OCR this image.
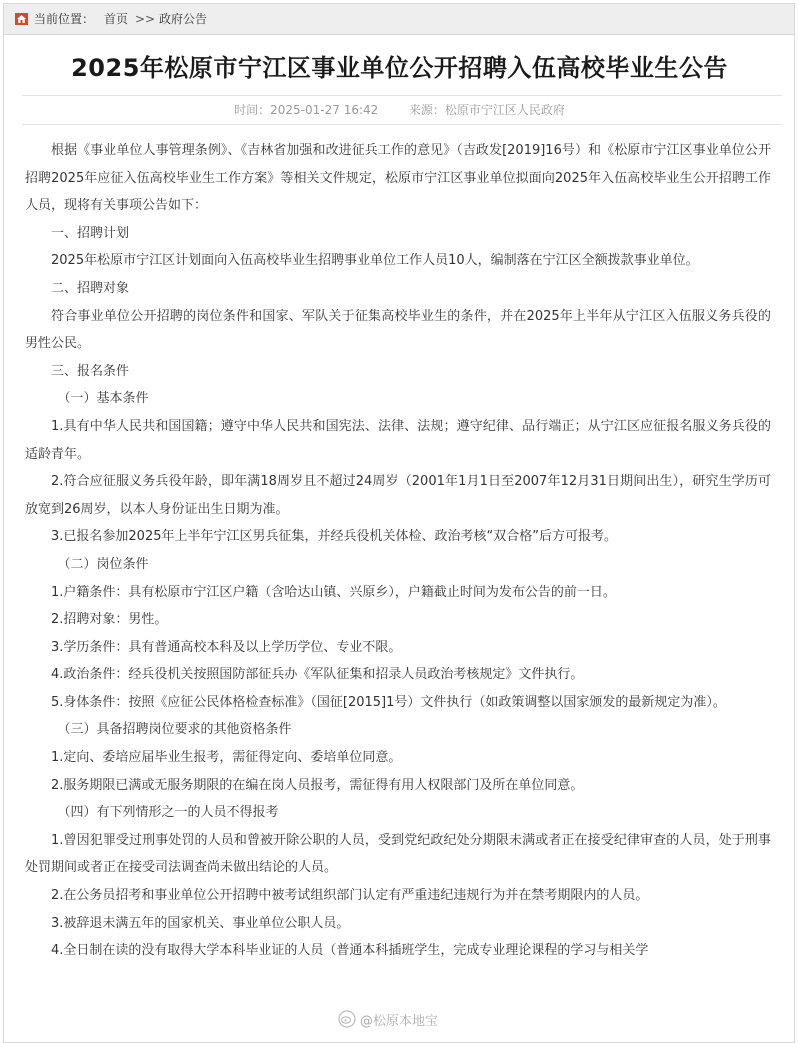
当前位置： 首页 >> 政府公告
2025年松原市宁江区事业单位公开招聘入伍高校毕业生公告
时间：2025-01-27 16:42	来源：松原市宁江区人民政府

根据《事业单位人事管理条例》、《吉林省加强和改进征兵工作的意见》（吉政发[2019]16号）和《松原市宁江区事业单位公开招聘2025年应征入伍高校毕业生工作方案》等相关文件规定，松原市宁江区事业单位拟面向2025年入伍高校毕业生公开招聘工作人员，现将有关事项公告如下：

一、招聘计划

2025年松原市宁江区计划面向入伍高校毕业生招聘事业单位工作人员10人，编制落在宁江区全额拨款事业单位。

二、招聘对象

符合事业单位公开招聘的岗位条件和国家、军队关于征集高校毕业生的条件，并在2025年上半年从宁江区入伍服义务兵役的男性公民。

三、报名条件

（一）基本条件

1.具有中华人民共和国国籍；遵守中华人民共和国宪法、法律、法规；遵守纪律、品行端正；从宁江区应征报名服义务兵役的适龄青年。

2.符合应征服义务兵役年龄，即年满18周岁且不超过24周岁（2001年1月1日至2007年12月31日期间出生），研究生学历可放宽到26周岁，以本人身份证出生日期为准。

3.已报名参加2025年上半年宁江区男兵征集，并经兵役机关体检、政治考核“双合格”后方可报考。

（二）岗位条件

1.户籍条件：具有松原市宁江区户籍（含哈达山镇、兴原乡），户籍截止时间为发布公告的前一日。

2.招聘对象：男性。

3.学历条件：具有普通高校本科及以上学历学位、专业不限。

4.政治条件：经兵役机关按照国防部征兵办《军队征集和招录人员政治考核规定》文件执行。

5.身体条件：按照《应征公民体格检查标准》（国征[2015]1号）文件执行（如政策调整以国家颁发的最新规定为准）。

（三）具备招聘岗位要求的其他资格条件

1.定向、委培应届毕业生报考，需征得定向、委培单位同意。

2.服务期限已满或无服务期限的在编在岗人员报考，需征得有用人权限部门及所在单位同意。

（四）有下列情形之一的人员不得报考

1.曾因犯罪受过刑事处罚的人员和曾被开除公职的人员，受到党纪政纪处分期限未满或者正在接受纪律审查的人员，处于刑事处罚期间或者正在接受司法调查尚未做出结论的人员。

2.在公务员招考和事业单位公开招聘中被考试组织部门认定有严重违纪违规行为并在禁考期限内的人员。

3.被辞退未满五年的国家机关、事业单位公职人员。

4.全日制在读的没有取得大学本科毕业证的人员（普通本科插班学生，完成专业理论课程的学习与相关学

@松原本地宝
